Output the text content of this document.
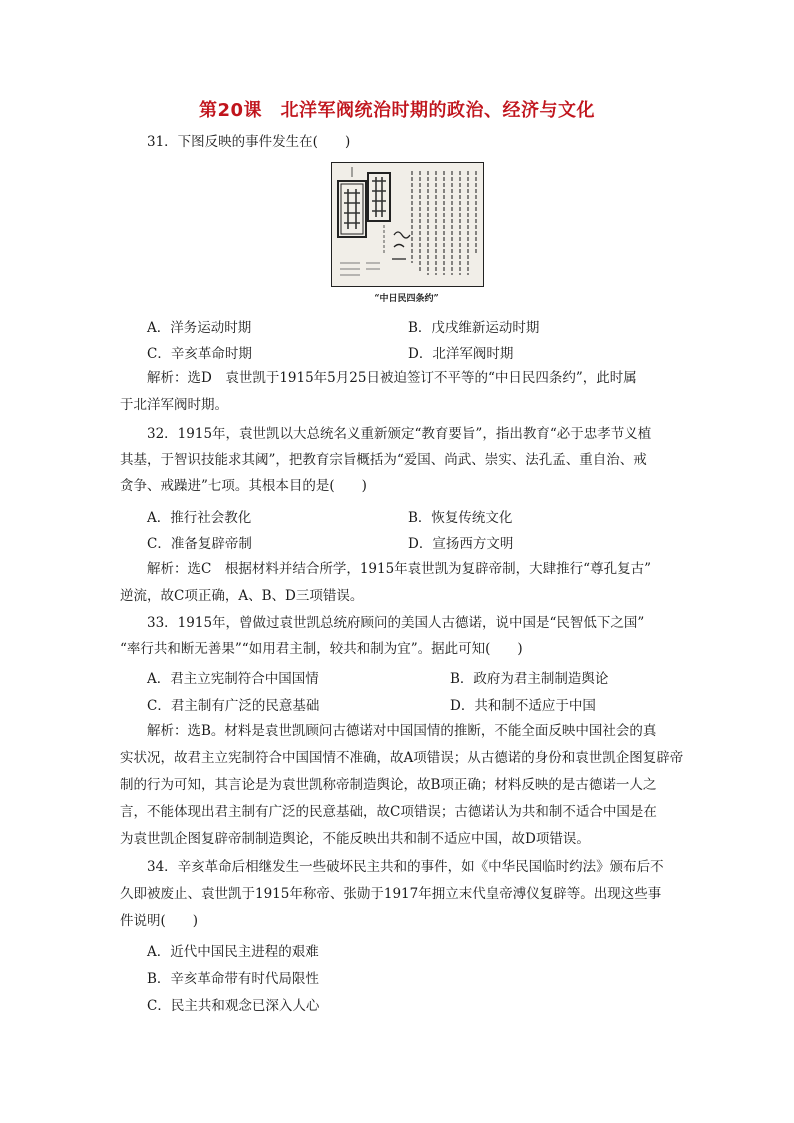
第20课　北洋军阀统治时期的政治、经济与文化
31．下图反映的事件发生在(　　)
“中日民四条约”
A．洋务运动时期	B．戊戌维新运动时期
C．辛亥革命时期	D．北洋军阀时期
解析：选D　袁世凯于1915年5月25日被迫签订不平等的“中日民四条约”，此时属
于北洋军阀时期。
32．1915年，袁世凯以大总统名义重新颁定“教育要旨”，指出教育“必于忠孝节义植
其基，于智识技能求其阈”，把教育宗旨概括为“爱国、尚武、崇实、法孔孟、重自治、戒
贪争、戒躁进”七项。其根本目的是(　　)
A．推行社会教化	B．恢复传统文化
C．准备复辟帝制	D．宣扬西方文明
解析：选C　根据材料并结合所学，1915年袁世凯为复辟帝制，大肆推行“尊孔复古”
逆流，故C项正确，A、B、D三项错误。
33．1915年，曾做过袁世凯总统府顾问的美国人古德诺，说中国是“民智低下之国”
“率行共和断无善果”“如用君主制，较共和制为宜”。据此可知(　　)
A．君主立宪制符合中国国情	B．政府为君主制制造舆论
C．君主制有广泛的民意基础	D．共和制不适应于中国
解析：选B。材料是袁世凯顾问古德诺对中国国情的推断，不能全面反映中国社会的真
实状况，故君主立宪制符合中国国情不准确，故A项错误；从古德诺的身份和袁世凯企图复辟帝
制的行为可知，其言论是为袁世凯称帝制造舆论，故B项正确；材料反映的是古德诺一人之
言，不能体现出君主制有广泛的民意基础，故C项错误；古德诺认为共和制不适合中国是在
为袁世凯企图复辟帝制制造舆论，不能反映出共和制不适应中国，故D项错误。
34．辛亥革命后相继发生一些破坏民主共和的事件，如《中华民国临时约法》颁布后不
久即被废止、袁世凯于1915年称帝、张勋于1917年拥立末代皇帝溥仪复辟等。出现这些事
件说明(　　)
A．近代中国民主进程的艰难
B．辛亥革命带有时代局限性
C．民主共和观念已深入人心
